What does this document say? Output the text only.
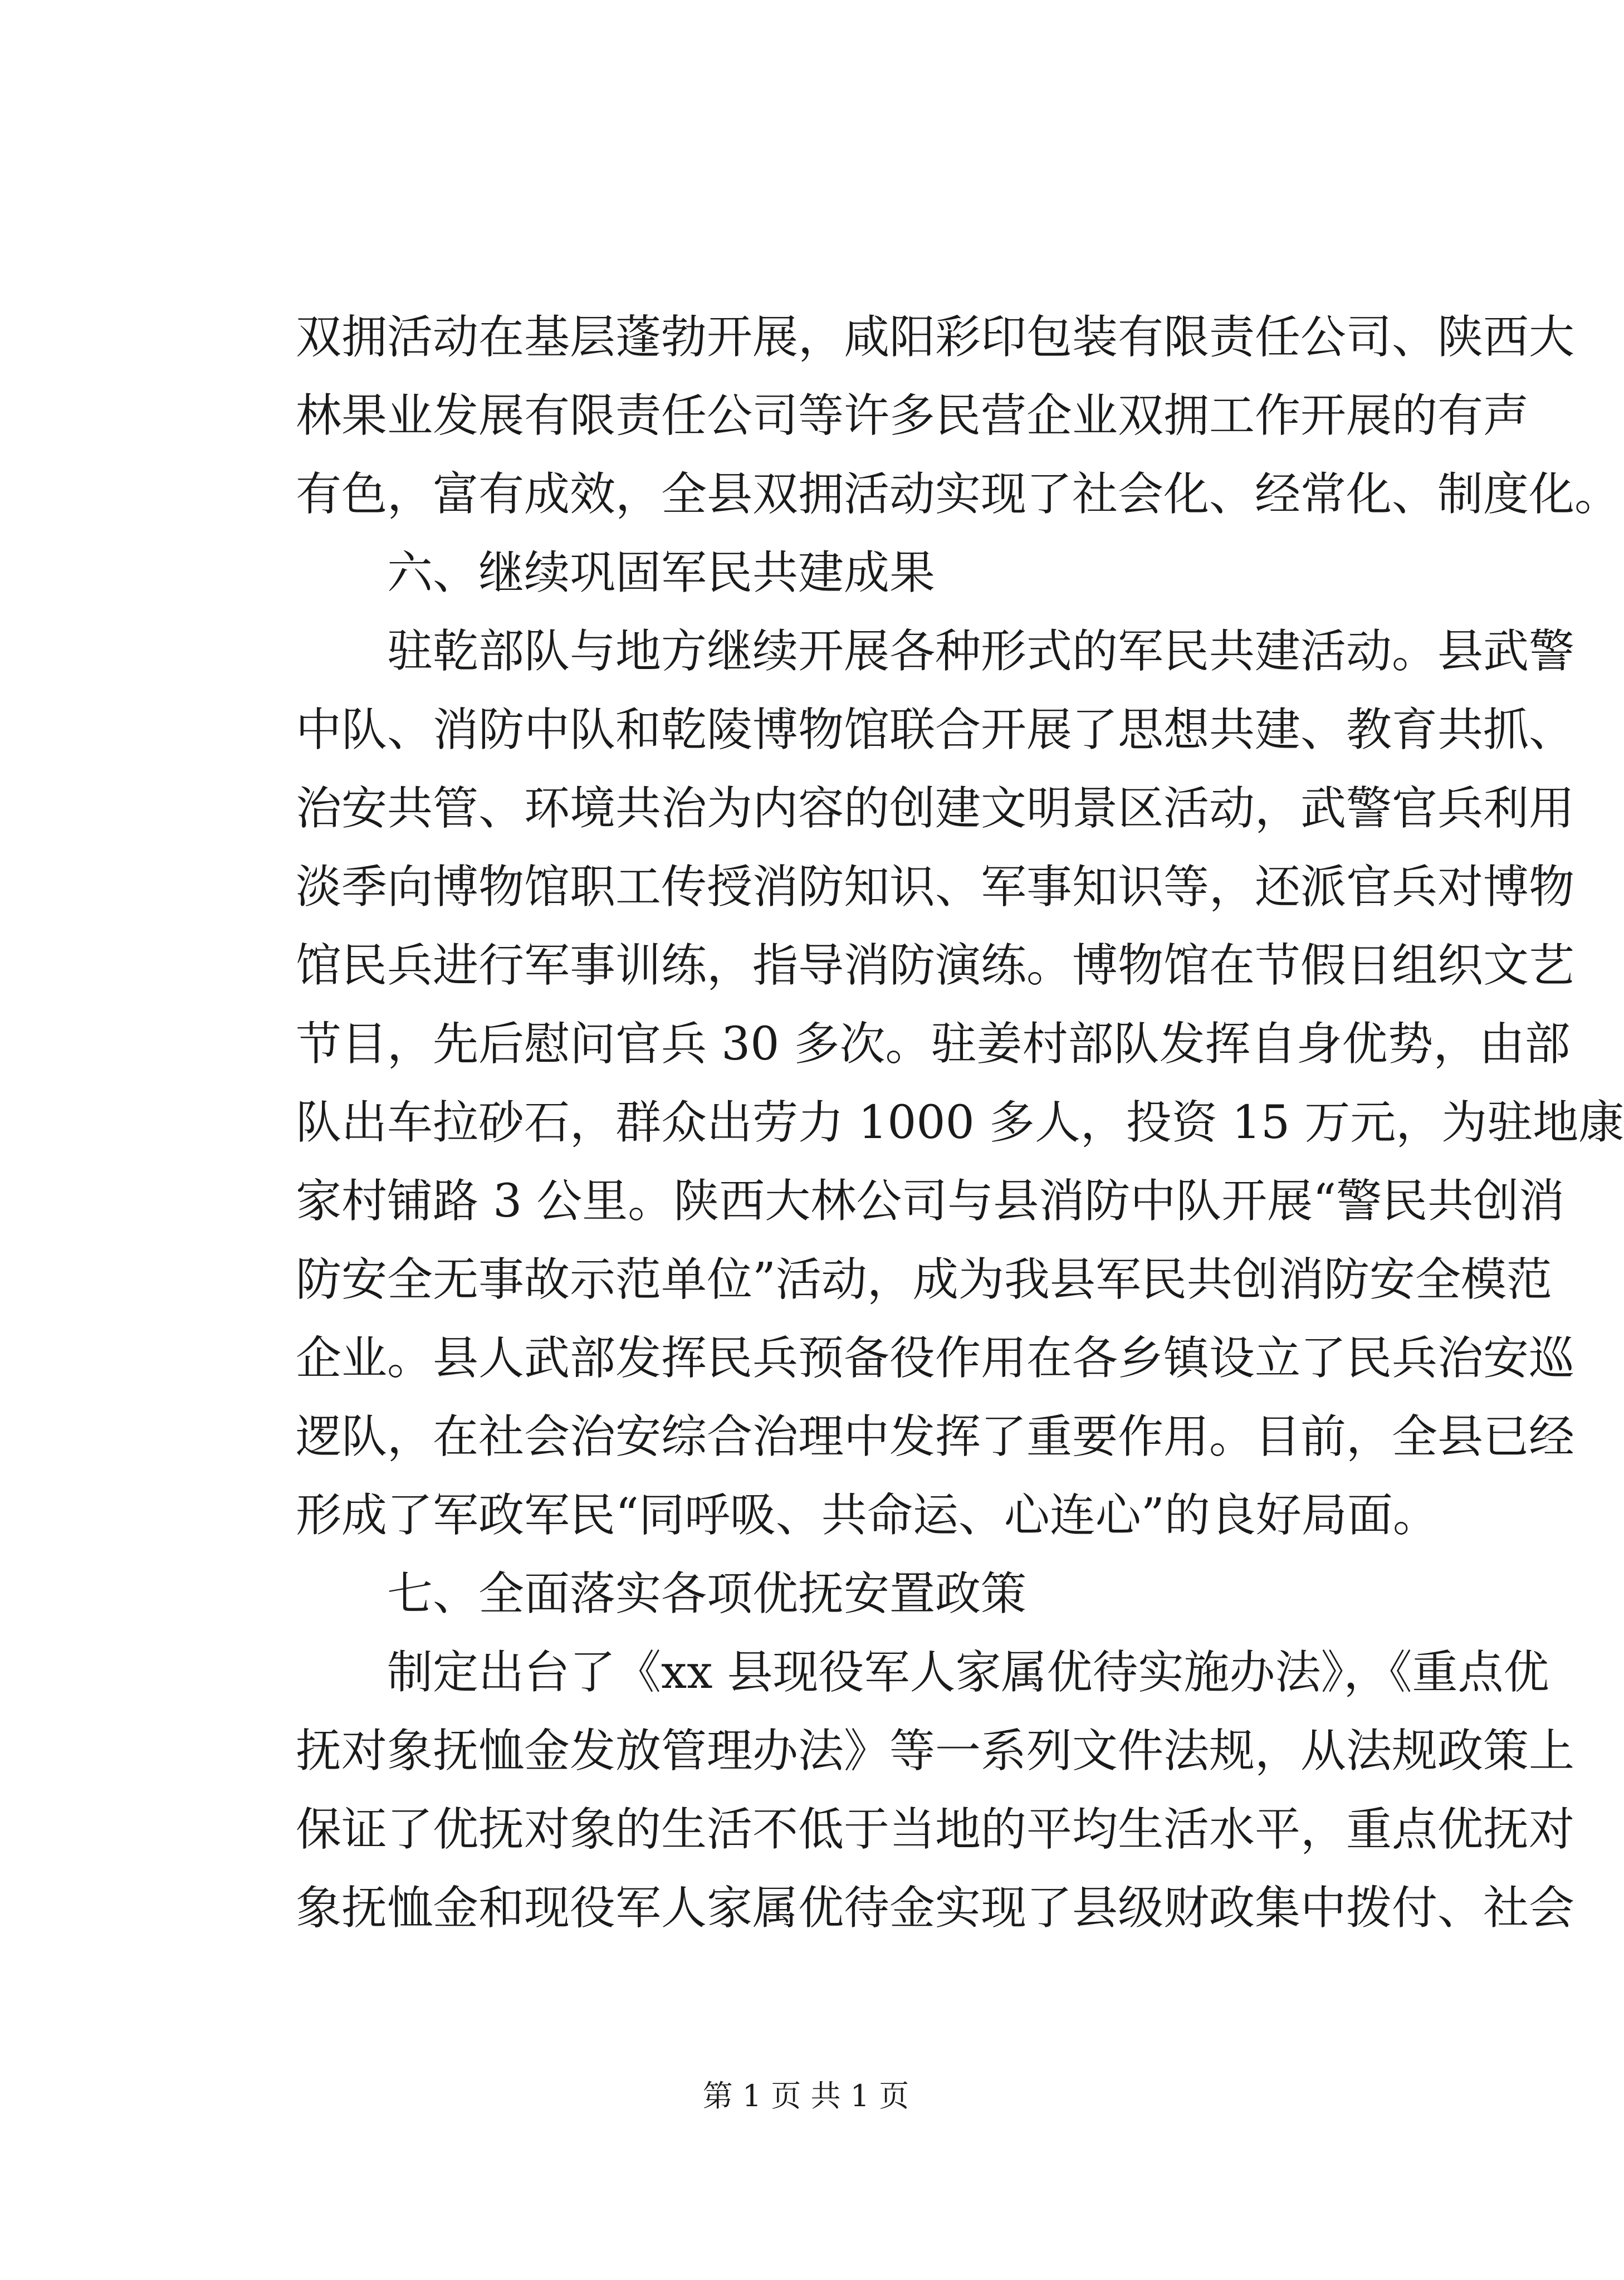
双拥活动在基层蓬勃开展，咸阳彩印包装有限责任公司、陕西大
林果业发展有限责任公司等许多民营企业双拥工作开展的有声
有色，富有成效，全县双拥活动实现了社会化、经常化、制度化。
六、继续巩固军民共建成果
驻乾部队与地方继续开展各种形式的军民共建活动。县武警
中队、消防中队和乾陵博物馆联合开展了思想共建、教育共抓、
治安共管、环境共治为内容的创建文明景区活动，武警官兵利用
淡季向博物馆职工传授消防知识、军事知识等，还派官兵对博物
馆民兵进行军事训练，指导消防演练。博物馆在节假日组织文艺
节目，先后慰问官兵 30 多次。驻姜村部队发挥自身优势，由部
队出车拉砂石，群众出劳力 1000 多人，投资 15 万元，为驻地康
家村铺路 3 公里。陕西大林公司与县消防中队开展“警民共创消
防安全无事故示范单位”活动，成为我县军民共创消防安全模范
企业。县人武部发挥民兵预备役作用在各乡镇设立了民兵治安巡
逻队，在社会治安综合治理中发挥了重要作用。目前，全县已经
形成了军政军民“同呼吸、共命运、心连心”的良好局面。
七、全面落实各项优抚安置政策
制定出台了《xx 县现役军人家属优待实施办法》，《重点优
抚对象抚恤金发放管理办法》等一系列文件法规，从法规政策上
保证了优抚对象的生活不低于当地的平均生活水平，重点优抚对
象抚恤金和现役军人家属优待金实现了县级财政集中拨付、社会
第 1 页 共 1 页
